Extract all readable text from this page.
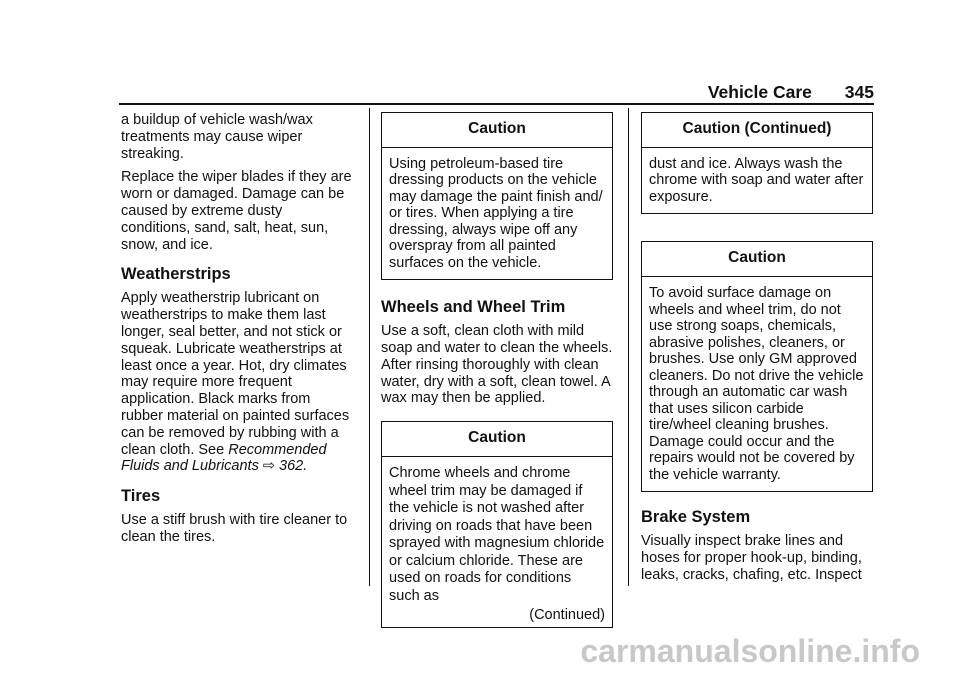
Vehicle Care 345

a buildup of vehicle wash/wax treatments may cause wiper streaking.

Replace the wiper blades if they are worn or damaged. Damage can be caused by extreme dusty conditions, sand, salt, heat, sun, snow, and ice.

Weatherstrips

Apply weatherstrip lubricant on weatherstrips to make them last longer, seal better, and not stick or squeak. Lubricate weatherstrips at least once a year. Hot, dry climates may require more frequent application. Black marks from rubber material on painted surfaces can be removed by rubbing with a clean cloth. See Recommended Fluids and Lubricants ⇨ 362.

Tires

Use a stiff brush with tire cleaner to clean the tires.

Caution
Using petroleum-based tire dressing products on the vehicle may damage the paint finish and/ or tires. When applying a tire dressing, always wipe off any overspray from all painted surfaces on the vehicle.
Wheels and Wheel Trim

Use a soft, clean cloth with mild soap and water to clean the wheels. After rinsing thoroughly with clean water, dry with a soft, clean towel. A wax may then be applied.

Caution
Chrome wheels and chrome wheel trim may be damaged if the vehicle is not washed after driving on roads that have been sprayed with magnesium chloride or calcium chloride. These are used on roads for conditions such as
(Continued)
Caution (Continued)
dust and ice. Always wash the chrome with soap and water after exposure.
Caution
To avoid surface damage on wheels and wheel trim, do not use strong soaps, chemicals, abrasive polishes, cleaners, or brushes. Use only GM approved cleaners. Do not drive the vehicle through an automatic car wash that uses silicon carbide tire/wheel cleaning brushes. Damage could occur and the repairs would not be covered by the vehicle warranty.
Brake System

Visually inspect brake lines and hoses for proper hook-up, binding, leaks, cracks, chafing, etc. Inspect

carmanualsonline.info
